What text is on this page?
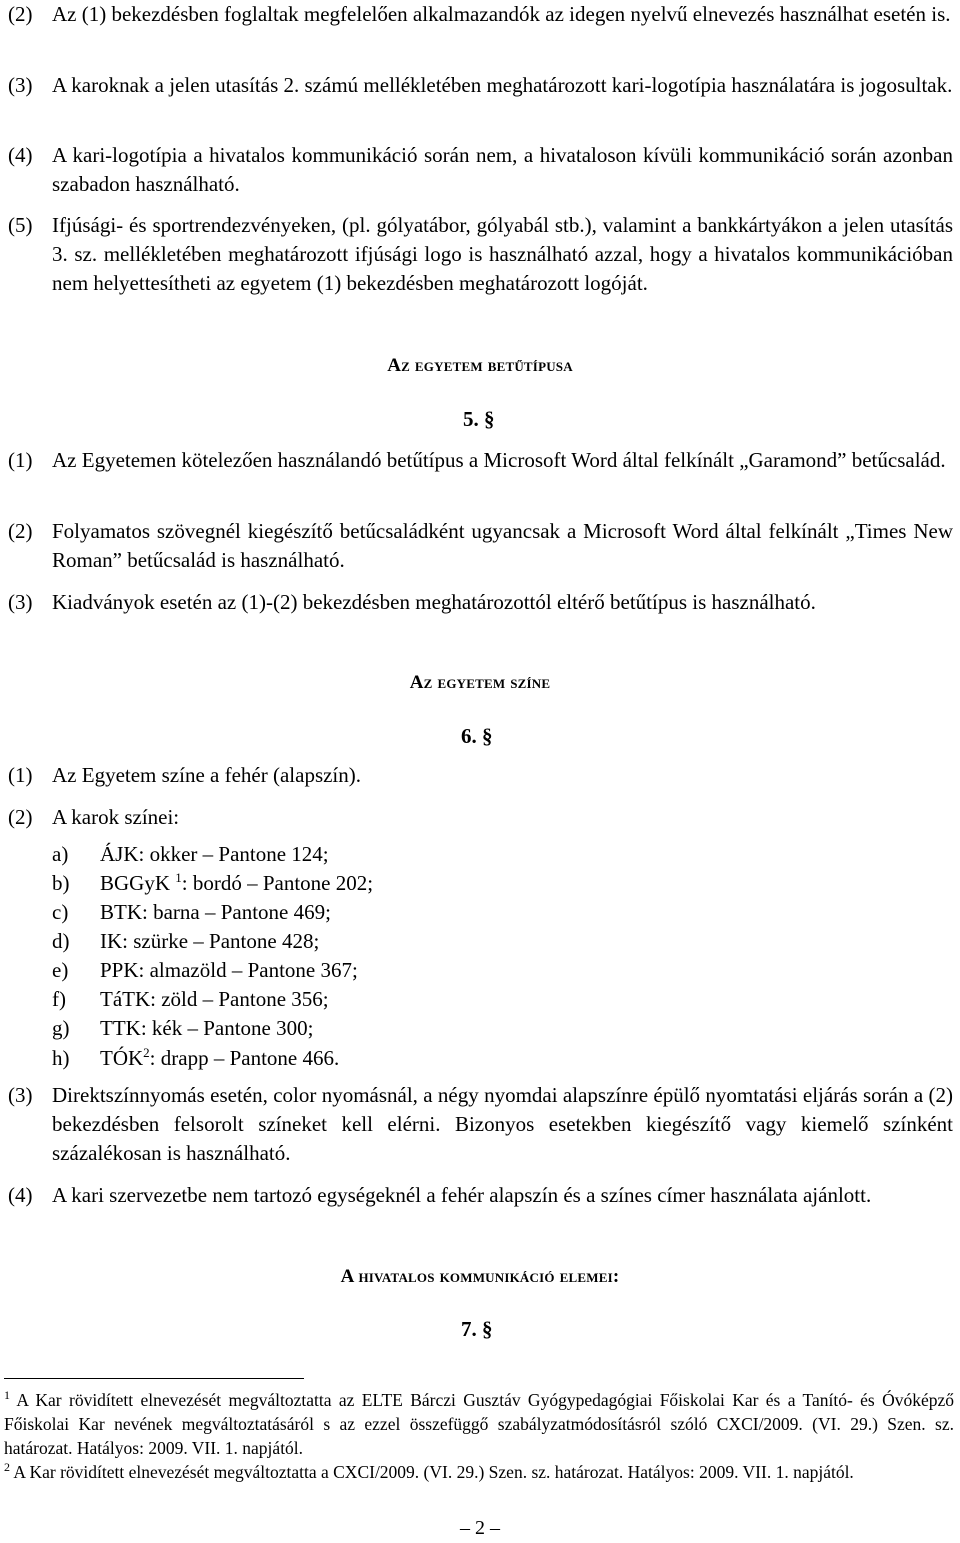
(2) Az (1) bekezdésben foglaltak megfelelően alkalmazandók az idegen nyelvű elnevezés használhat esetén is.
(3) A karoknak a jelen utasítás 2. számú mellékletében meghatározott kari-logotípia használatára is jogosultak.
(4) A kari-logotípia a hivatalos kommunikáció során nem, a hivataloson kívüli kommunikáció során azonban szabadon használható.
(5) Ifjúsági- és sportrendezvényeken, (pl. gólyatábor, gólyabál stb.), valamint a bankkártyákon a jelen utasítás 3. sz. mellékletében meghatározott ifjúsági logo is használható azzal, hogy a hivatalos kommunikációban nem helyettesítheti az egyetem (1) bekezdésben meghatározott logóját.
Az egyetem betűtípusa
5. §
(1) Az Egyetemen kötelezően használandó betűtípus a Microsoft Word által felkínált „Garamond” betűcsalád.
(2) Folyamatos szövegnél kiegészítő betűcsaládként ugyancsak a Microsoft Word által felkínált „Times New Roman” betűcsalád is használható.
(3) Kiadványok esetén az (1)-(2) bekezdésben meghatározottól eltérő betűtípus is használható.
Az egyetem színe
6. §
(1) Az Egyetem színe a fehér (alapszín).
(2) A karok színei:
a) ÁJK: okker – Pantone 124;
b) BGGyK $^1$: bordó – Pantone 202;
c) BTK: barna – Pantone 469;
d) IK: szürke – Pantone 428;
e) PPK: almazöld – Pantone 367;
f) TáTK: zöld – Pantone 356;
g) TTK: kék – Pantone 300;
h) TÓK$^2$: drapp – Pantone 466.
(3) Direktszínnyomás esetén, color nyomásnál, a négy nyomdai alapszínre épülő nyomtatási eljárás során a (2) bekezdésben felsorolt színeket kell elérni. Bizonyos esetekben kiegészítő vagy kiemelő színként százalékosan is használható.
(4) A kari szervezetbe nem tartozó egységeknél a fehér alapszín és a színes címer használata ajánlott.
A hivatalos kommunikáció elemei:
7. §
$^1$ A Kar rövidített elnevezését megváltoztatta az ELTE Bárczi Gusztáv Gyógypedagógiai Főiskolai Kar és a Tanító- és Óvóképző Főiskolai Kar nevének megváltoztatásáról s az ezzel összefüggő szabályzatmódosításról szóló CXCI/2009. (VI. 29.) Szen. sz. határozat. Hatályos: 2009. VII. 1. napjától.
$^2$ A Kar rövidített elnevezését megváltoztatta a CXCI/2009. (VI. 29.) Szen. sz. határozat. Hatályos: 2009. VII. 1. napjától.
– 2 –
